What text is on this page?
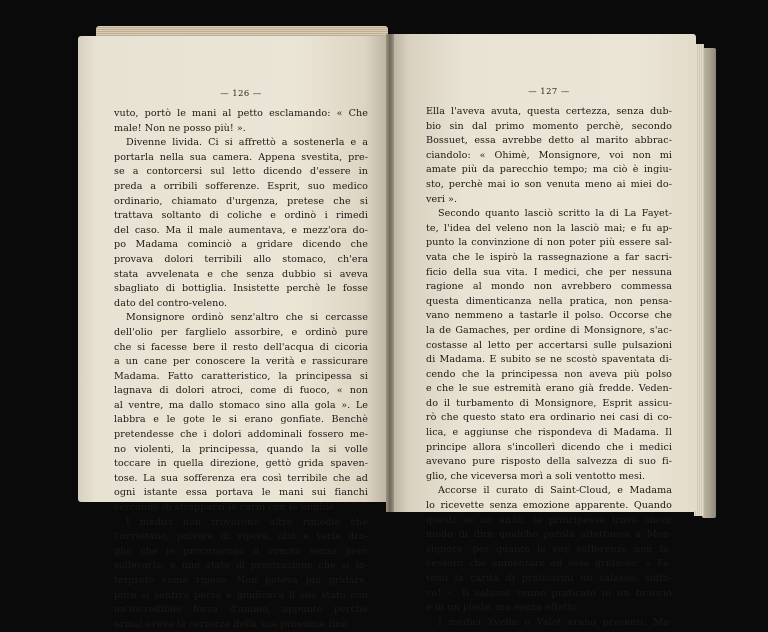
— 126 —
vuto, portò le mani al petto esclamando: « Che
male! Non ne posso più! ».
Divenne livida. Ci si affrettò a sostenerla e a
portarla nella sua camera. Appena svestita, pre-
se a contorcersi sul letto dicendo d'essere in
preda a orribili sofferenze. Esprit, suo medico
ordinario, chiamato d'urgenza, pretese che si
trattava soltanto di coliche e ordinò i rimedi
del caso. Ma il male aumentava, e mezz'ora do-
po Madama cominciò a gridare dicendo che
provava dolori terribili allo stomaco, ch'era
stata avvelenata e che senza dubbio si aveva
sbagliato di bottiglia. Insistette perchè le fosse
dato del contro-veleno.
Monsignore ordinò senz'altro che si cercasse
dell'olio per farglielo assorbire, e ordinò pure
che si facesse bere il resto dell'acqua di cicoria
a un cane per conoscere la verità e rassicurare
Madama. Fatto caratteristico, la principessa si
lagnava di dolori atroci, come di fuoco, « non
al ventre, ma dallo stomaco sino alla gola ». Le
labbra e le gote le si erano gonfiate. Benchè
pretendesse che i dolori addominali fossero me-
no violenti, la principessa, quando la si volle
toccare in quella direzione, gettò grida spaven-
tose. La sua sofferenza era così terribile che ad
ogni istante essa portava le mani sui fianchi
cercando di strapparsi le carni con le unghie.
I medici non trovarono altro rimedio che
l'orvietano, polvere di vipera, olio e varie dro-
ghe che le procurarono il vomito senza però
sollevarla, e uno stato di prostrazione che si in-
terpretò come riposo. Non poteva più gridare,
pure si sentiva persa e giudicava il suo stato con
un'incredibile forza d'animo, appunto perchè
ormai aveva la certezza della sua prossima fine.
— 127 —
Ella l'aveva avuta, questa certezza, senza dub-
bio sin dal primo momento perchè, secondo
Bossuet, essa avrebbe detto al marito abbrac-
ciandolo: « Ohimè, Monsignore, voi non mi
amate più da parecchio tempo; ma ciò è ingiu-
sto, perchè mai io son venuta meno ai miei do-
veri ».
Secondo quanto lasciò scritto la di La Fayet-
te, l'idea del veleno non la lasciò mai; e fu ap-
punto la convinzione di non poter più essere sal-
vata che le ispirò la rassegnazione a far sacri-
ficio della sua vita. I medici, che per nessuna
ragione al mondo non avrebbero commessa
questa dimenticanza nella pratica, non pensa-
vano nemmeno a tastarle il polso. Occorse che
la de Gamaches, per ordine di Monsignore, s'ac-
costasse al letto per accertarsi sulle pulsazioni
di Madama. E subito se ne scostò spaventata di-
cendo che la principessa non aveva più polso
e che le sue estremità erano già fredde. Veden-
do il turbamento di Monsignore, Esprit assicu-
rò che questo stato era ordinario nei casi di co-
lica, e aggiunse che rispondeva di Madama. Il
principe allora s'incollerì dicendo che i medici
avevano pure risposto della salvezza di suo fi-
glio, che viceversa morì a soli ventotto mesi.
Accorse il curato di Saint-Cloud, e Madama
lo ricevette senza emozione apparente. Quando
questi se ne andò, la principessa trovò ancor
modo di dire qualche parola affettuosa a Mon-
signore, per quanto le sue sofferenze non fa-
cessero che aumentare ed essa gridasse: « Fa-
temi la carità di praticarmi un salasso: soffo-
co! ». Il salasso venne praticato in un braccio
e in un piede, ma senza effetto.
I medici Yvelin e Valot erano presenti. Ma-
